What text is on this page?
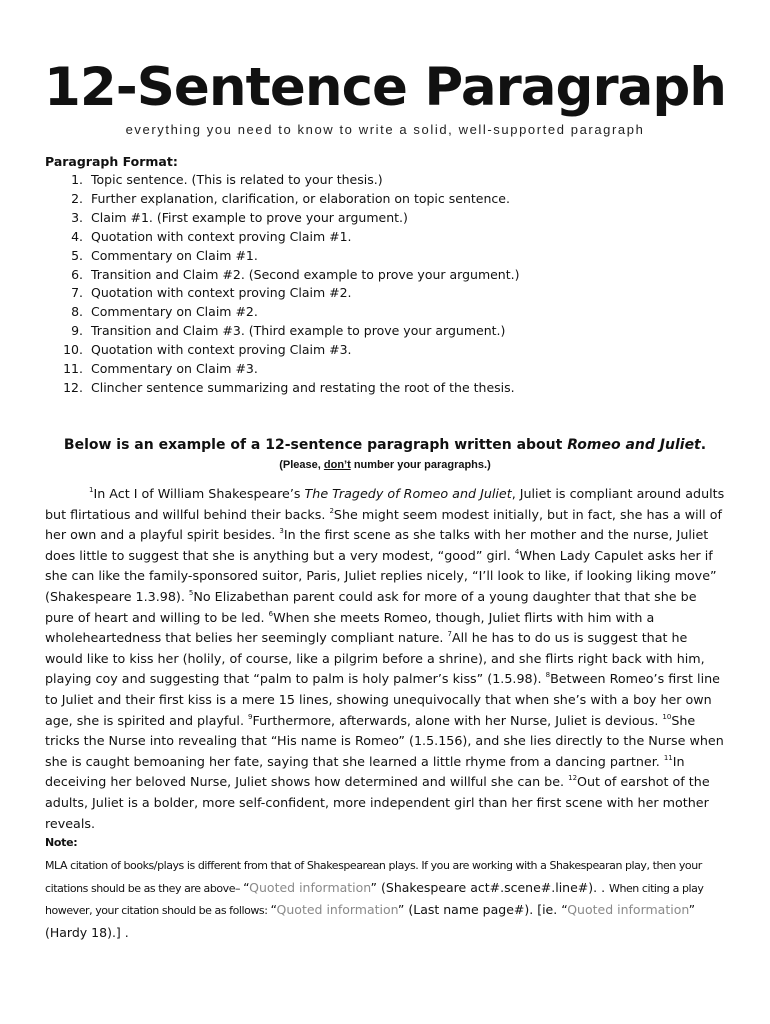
12-Sentence Paragraph
everything you need to know to write a solid, well-supported paragraph
Paragraph Format:
1. Topic sentence. (This is related to your thesis.)
2. Further explanation, clarification, or elaboration on topic sentence.
3. Claim #1. (First example to prove your argument.)
4. Quotation with context proving Claim #1.
5. Commentary on Claim #1.
6. Transition and Claim #2. (Second example to prove your argument.)
7. Quotation with context proving Claim #2.
8. Commentary on Claim #2.
9. Transition and Claim #3. (Third example to prove your argument.)
10. Quotation with context proving Claim #3.
11. Commentary on Claim #3.
12. Clincher sentence summarizing and restating the root of the thesis.
Below is an example of a 12-sentence paragraph written about Romeo and Juliet.
(Please, don’t number your paragraphs.)

$^1$In Act I of William Shakespeare’s The Tragedy of Romeo and Juliet, Juliet is compliant around adults but flirtatious and willful behind their backs. $^2$She might seem modest initially, but in fact, she has a will of her own and a playful spirit besides. $^3$In the first scene as she talks with her mother and the nurse, Juliet does little to suggest that she is anything but a very modest, “good” girl. $^4$When Lady Capulet asks her if she can like the family-sponsored suitor, Paris, Juliet replies nicely, “I’ll look to like, if looking liking move” (Shakespeare 1.3.98). $^5$No Elizabethan parent could ask for more of a young daughter that that she be pure of heart and willing to be led. $^6$When she meets Romeo, though, Juliet flirts with him with a wholeheartedness that belies her seemingly compliant nature. $^7$All he has to do us is suggest that he would like to kiss her (holily, of course, like a pilgrim before a shrine), and she flirts right back with him, playing coy and suggesting that “palm to palm is holy palmer’s kiss” (1.5.98). $^8$Between Romeo’s first line to Juliet and their first kiss is a mere 15 lines, showing unequivocally that when she’s with a boy her own age, she is spirited and playful. $^9$Furthermore, afterwards, alone with her Nurse, Juliet is devious. $^{10}$She tricks the Nurse into revealing that “His name is Romeo” (1.5.156), and she lies directly to the Nurse when she is caught bemoaning her fate, saying that she learned a little rhyme from a dancing partner. $^{11}$In deceiving her beloved Nurse, Juliet shows how determined and willful she can be. $^{12}$Out of earshot of the adults, Juliet is a bolder, more self-confident, more independent girl than her first scene with her mother reveals.

Note:
MLA citation of books/plays is different from that of Shakespearean plays. If you are working with a Shakespearan play, then your citations should be as they are above– “Quoted information” (Shakespeare act#.scene#.line#). . When citing a play however, your citation should be as follows: “Quoted information” (Last name page#). [ie. “Quoted information” (Hardy 18).] .
